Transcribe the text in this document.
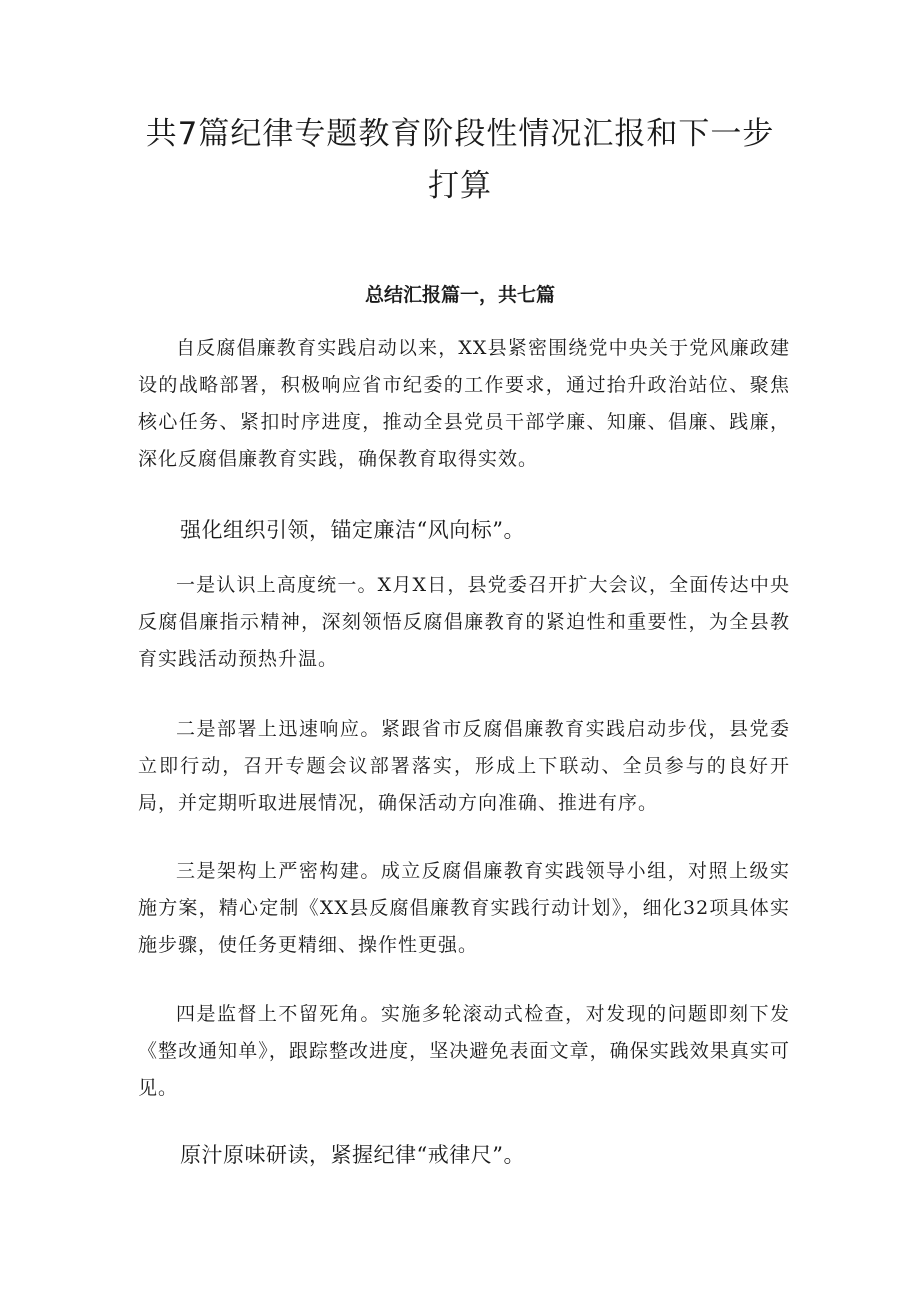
共7篇纪律专题教育阶段性情况汇报和下一步打算
总结汇报篇一，共七篇

自反腐倡廉教育实践启动以来，XX县紧密围绕党中央关于党风廉政建设的战略部署，积极响应省市纪委的工作要求，通过抬升政治站位、聚焦核心任务、紧扣时序进度，推动全县党员干部学廉、知廉、倡廉、践廉，深化反腐倡廉教育实践，确保教育取得实效。

强化组织引领，锚定廉洁“风向标”。

一是认识上高度统一。X月X日，县党委召开扩大会议，全面传达中央反腐倡廉指示精神，深刻领悟反腐倡廉教育的紧迫性和重要性，为全县教育实践活动预热升温。

二是部署上迅速响应。紧跟省市反腐倡廉教育实践启动步伐，县党委立即行动，召开专题会议部署落实，形成上下联动、全员参与的良好开局，并定期听取进展情况，确保活动方向准确、推进有序。

三是架构上严密构建。成立反腐倡廉教育实践领导小组，对照上级实施方案，精心定制《XX县反腐倡廉教育实践行动计划》，细化32项具体实施步骤，使任务更精细、操作性更强。

四是监督上不留死角。实施多轮滚动式检查，对发现的问题即刻下发《整改通知单》，跟踪整改进度，坚决避免表面文章，确保实践效果真实可见。

原汁原味研读，紧握纪律“戒律尺”。
